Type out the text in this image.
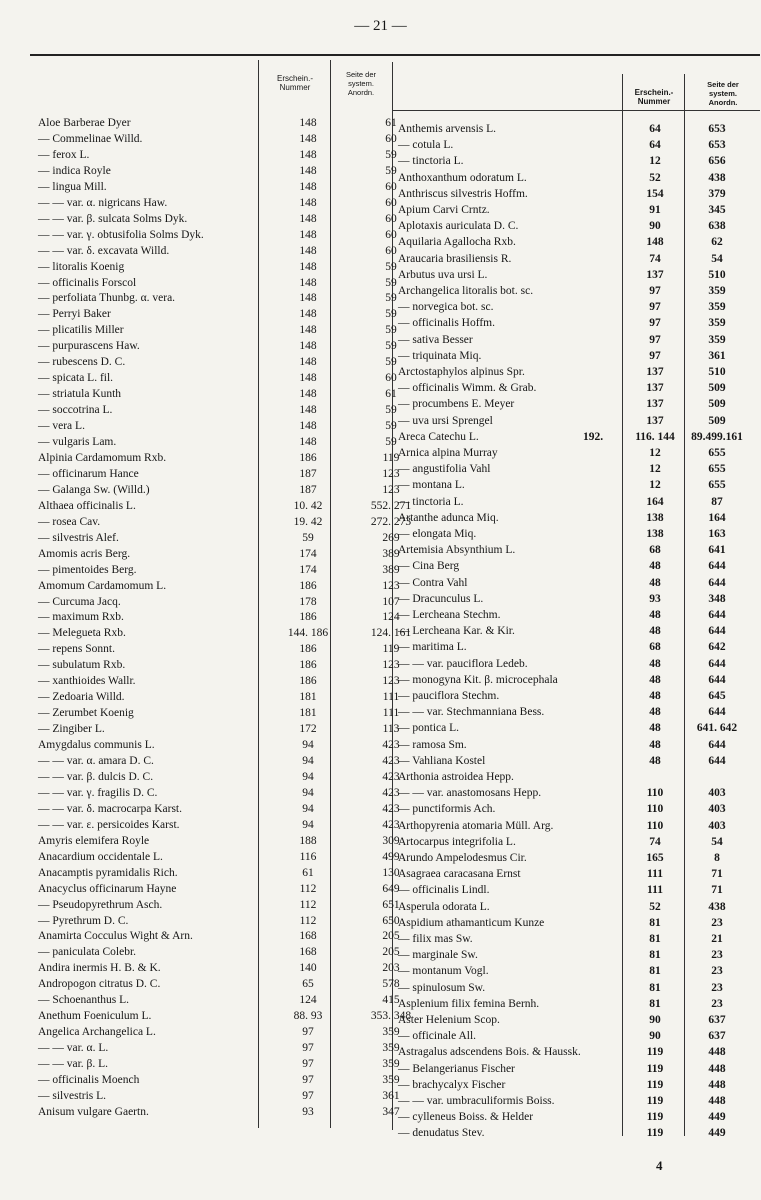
— 21 —
Erschein.-
Nummer
Seite der
system.
Anordn.	Erschein.-
Nummer
Seite der
system.
Anordn.
Aloe Barberae Dyer	148	61
— Commelinae Willd.	148	60
— ferox L.	148	59
— indica Royle	148	59
— lingua Mill.	148	60
— — var. α. nigricans Haw.	148	60
— — var. β. sulcata Solms Dyk.	148	60
— — var. γ. obtusifolia Solms Dyk.	148	60
— — var. δ. excavata Willd.	148	60
— litoralis Koenig	148	59
— officinalis Forscol	148	59
— perfoliata Thunbg. α. vera.	148	59
— Perryi Baker	148	59
— plicatilis Miller	148	59
— purpurascens Haw.	148	59
— rubescens D. C.	148	59
— spicata L. fil.	148	60
— striatula Kunth	148	61
— soccotrina L.	148	59
— vera L.	148	59
— vulgaris Lam.	148	59
Alpinia Cardamomum Rxb.	186	119
— officinarum Hance	187	123
— Galanga Sw. (Willd.)	187	123
Althaea officinalis L.	10. 42	552. 271
— rosea Cav.	19. 42	272. 273
— silvestris Alef.	59	269
Amomis acris Berg.	174	389
— pimentoides Berg.	174	389
Amomum Cardamomum L.	186	123
— Curcuma Jacq.	178	107
— maximum Rxb.	186	124
— Melegueta Rxb.	144. 186	124. 161
— repens Sonnt.	186	119
— subulatum Rxb.	186	123
— xanthioides Wallr.	186	123
— Zedoaria Willd.	181	111
— Zerumbet Koenig	181	111
— Zingiber L.	172	113
Amygdalus communis L.	94	423
— — var. α. amara D. C.	94	423
— — var. β. dulcis D. C.	94	423
— — var. γ. fragilis D. C.	94	423
— — var. δ. macrocarpa Karst.	94	423
— — var. ε. persicoides Karst.	94	423
Amyris elemifera Royle	188	309
Anacardium occidentale L.	116	499
Anacamptis pyramidalis Rich.	61	130
Anacyclus officinarum Hayne	112	649
— Pseudopyrethrum Asch.	112	651
— Pyrethrum D. C.	112	650
Anamirta Cocculus Wight & Arn.	168	205
— paniculata Colebr.	168	205
Andira inermis H. B. & K.	140	203
Andropogon citratus D. C.	65	578
— Schoenanthus L.	124	415
Anethum Foeniculum L.	88. 93	353. 348
Angelica Archangelica L.	97	359
— — var. α. L.	97	359
— — var. β. L.	97	359
— officinalis Moench	97	359
— silvestris L.	97	361
Anisum vulgare Gaertn.	93	347
Anthemis arvensis L.	64	653
— cotula L.	64	653
— tinctoria L.	12	656
Anthoxanthum odoratum L.	52	438
Anthriscus silvestris Hoffm.	154	379
Apium Carvi Crntz.	91	345
Aplotaxis auriculata D. C.	90	638
Aquilaria Agallocha Rxb.	148	62
Araucaria brasiliensis R.	74	54
Arbutus uva ursi L.	137	510
Archangelica litoralis bot. sc.	97	359
— norvegica bot. sc.	97	359
— officinalis Hoffm.	97	359
— sativa Besser	97	359
— triquinata Miq.	97	361
Arctostaphylos alpinus Spr.	137	510
— officinalis Wimm. & Grab.	137	509
— procumbens E. Meyer	137	509
— uva ursi Sprengel	137	509
Areca Catechu L.	192.	116. 144	89.499.161
Arnica alpina Murray	12	655
— angustifolia Vahl	12	655
— montana L.	12	655
— tinctoria L.	164	87
Artanthe adunca Miq.	138	164
— elongata Miq.	138	163
Artemisia Absynthium L.	68	641
— Cina Berg	48	644
— Contra Vahl	48	644
— Dracunculus L.	93	348
— Lercheana Stechm.	48	644
— Lercheana Kar. & Kir.	48	644
— maritima L.	68	642
— — var. pauciflora Ledeb.	48	644
— monogyna Kit. β. microcephala	48	644
— pauciflora Stechm.	48	645
— — var. Stechmanniana Bess.	48	644
— pontica L.	48	641. 642
— ramosa Sm.	48	644
— Vahliana Kostel	48	644
Arthonia astroidea Hepp.
— — var. anastomosans Hepp.	110	403
— punctiformis Ach.	110	403
Arthopyrenia atomaria Müll. Arg.	110	403
Artocarpus integrifolia L.	74	54
Arundo Ampelodesmus Cir.	165	8
Asagraea caracasana Ernst	111	71
— officinalis Lindl.	111	71
Asperula odorata L.	52	438
Aspidium athamanticum Kunze	81	23
— filix mas Sw.	81	21
— marginale Sw.	81	23
— montanum Vogl.	81	23
— spinulosum Sw.	81	23
Asplenium filix femina Bernh.	81	23
Aster Helenium Scop.	90	637
— officinale All.	90	637
Astragalus adscendens Bois. & Haussk.	119	448
— Belangerianus Fischer	119	448
— brachycalyx Fischer	119	448
— — var. umbraculiformis Boiss.	119	448
— cylleneus Boiss. & Helder	119	449
— denudatus Stev.	119	449
4
